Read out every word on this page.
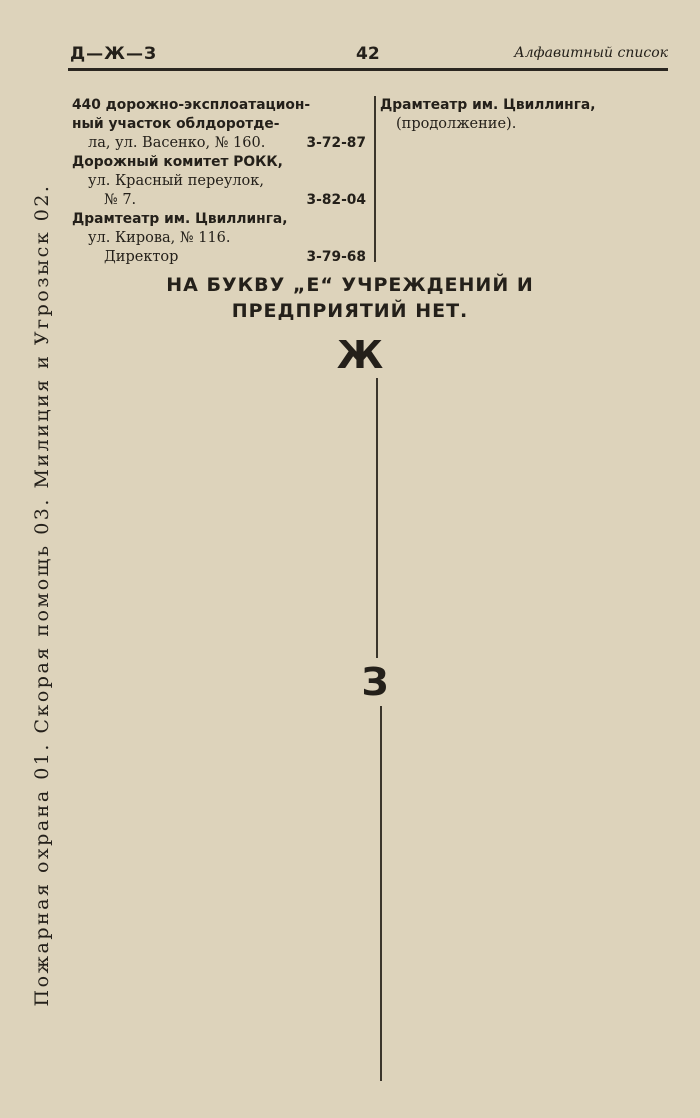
Пожарная охрана 01. Скорая помощь 03. Милиция и Угрозыск 02.
Д—Ж—З	42	Алфавитный список
440 дорожно-эксплоатацион-
ный участок облдоротде-
ла, ул. Васенко, № 160.	3-72-87
Дорожный комитет РОКК,
ул. Красный переулок,
№ 7.	3-82-04
Драмтеатр им. Цвиллинга,
ул. Кирова, № 116.
Директор	3-79-68
Драмтеатр им. Цвиллинга,
(продолжение).
НА БУКВУ „Е“ УЧРЕЖДЕНИЙ И
ПРЕДПРИЯТИЙ НЕТ.
Ж
З
